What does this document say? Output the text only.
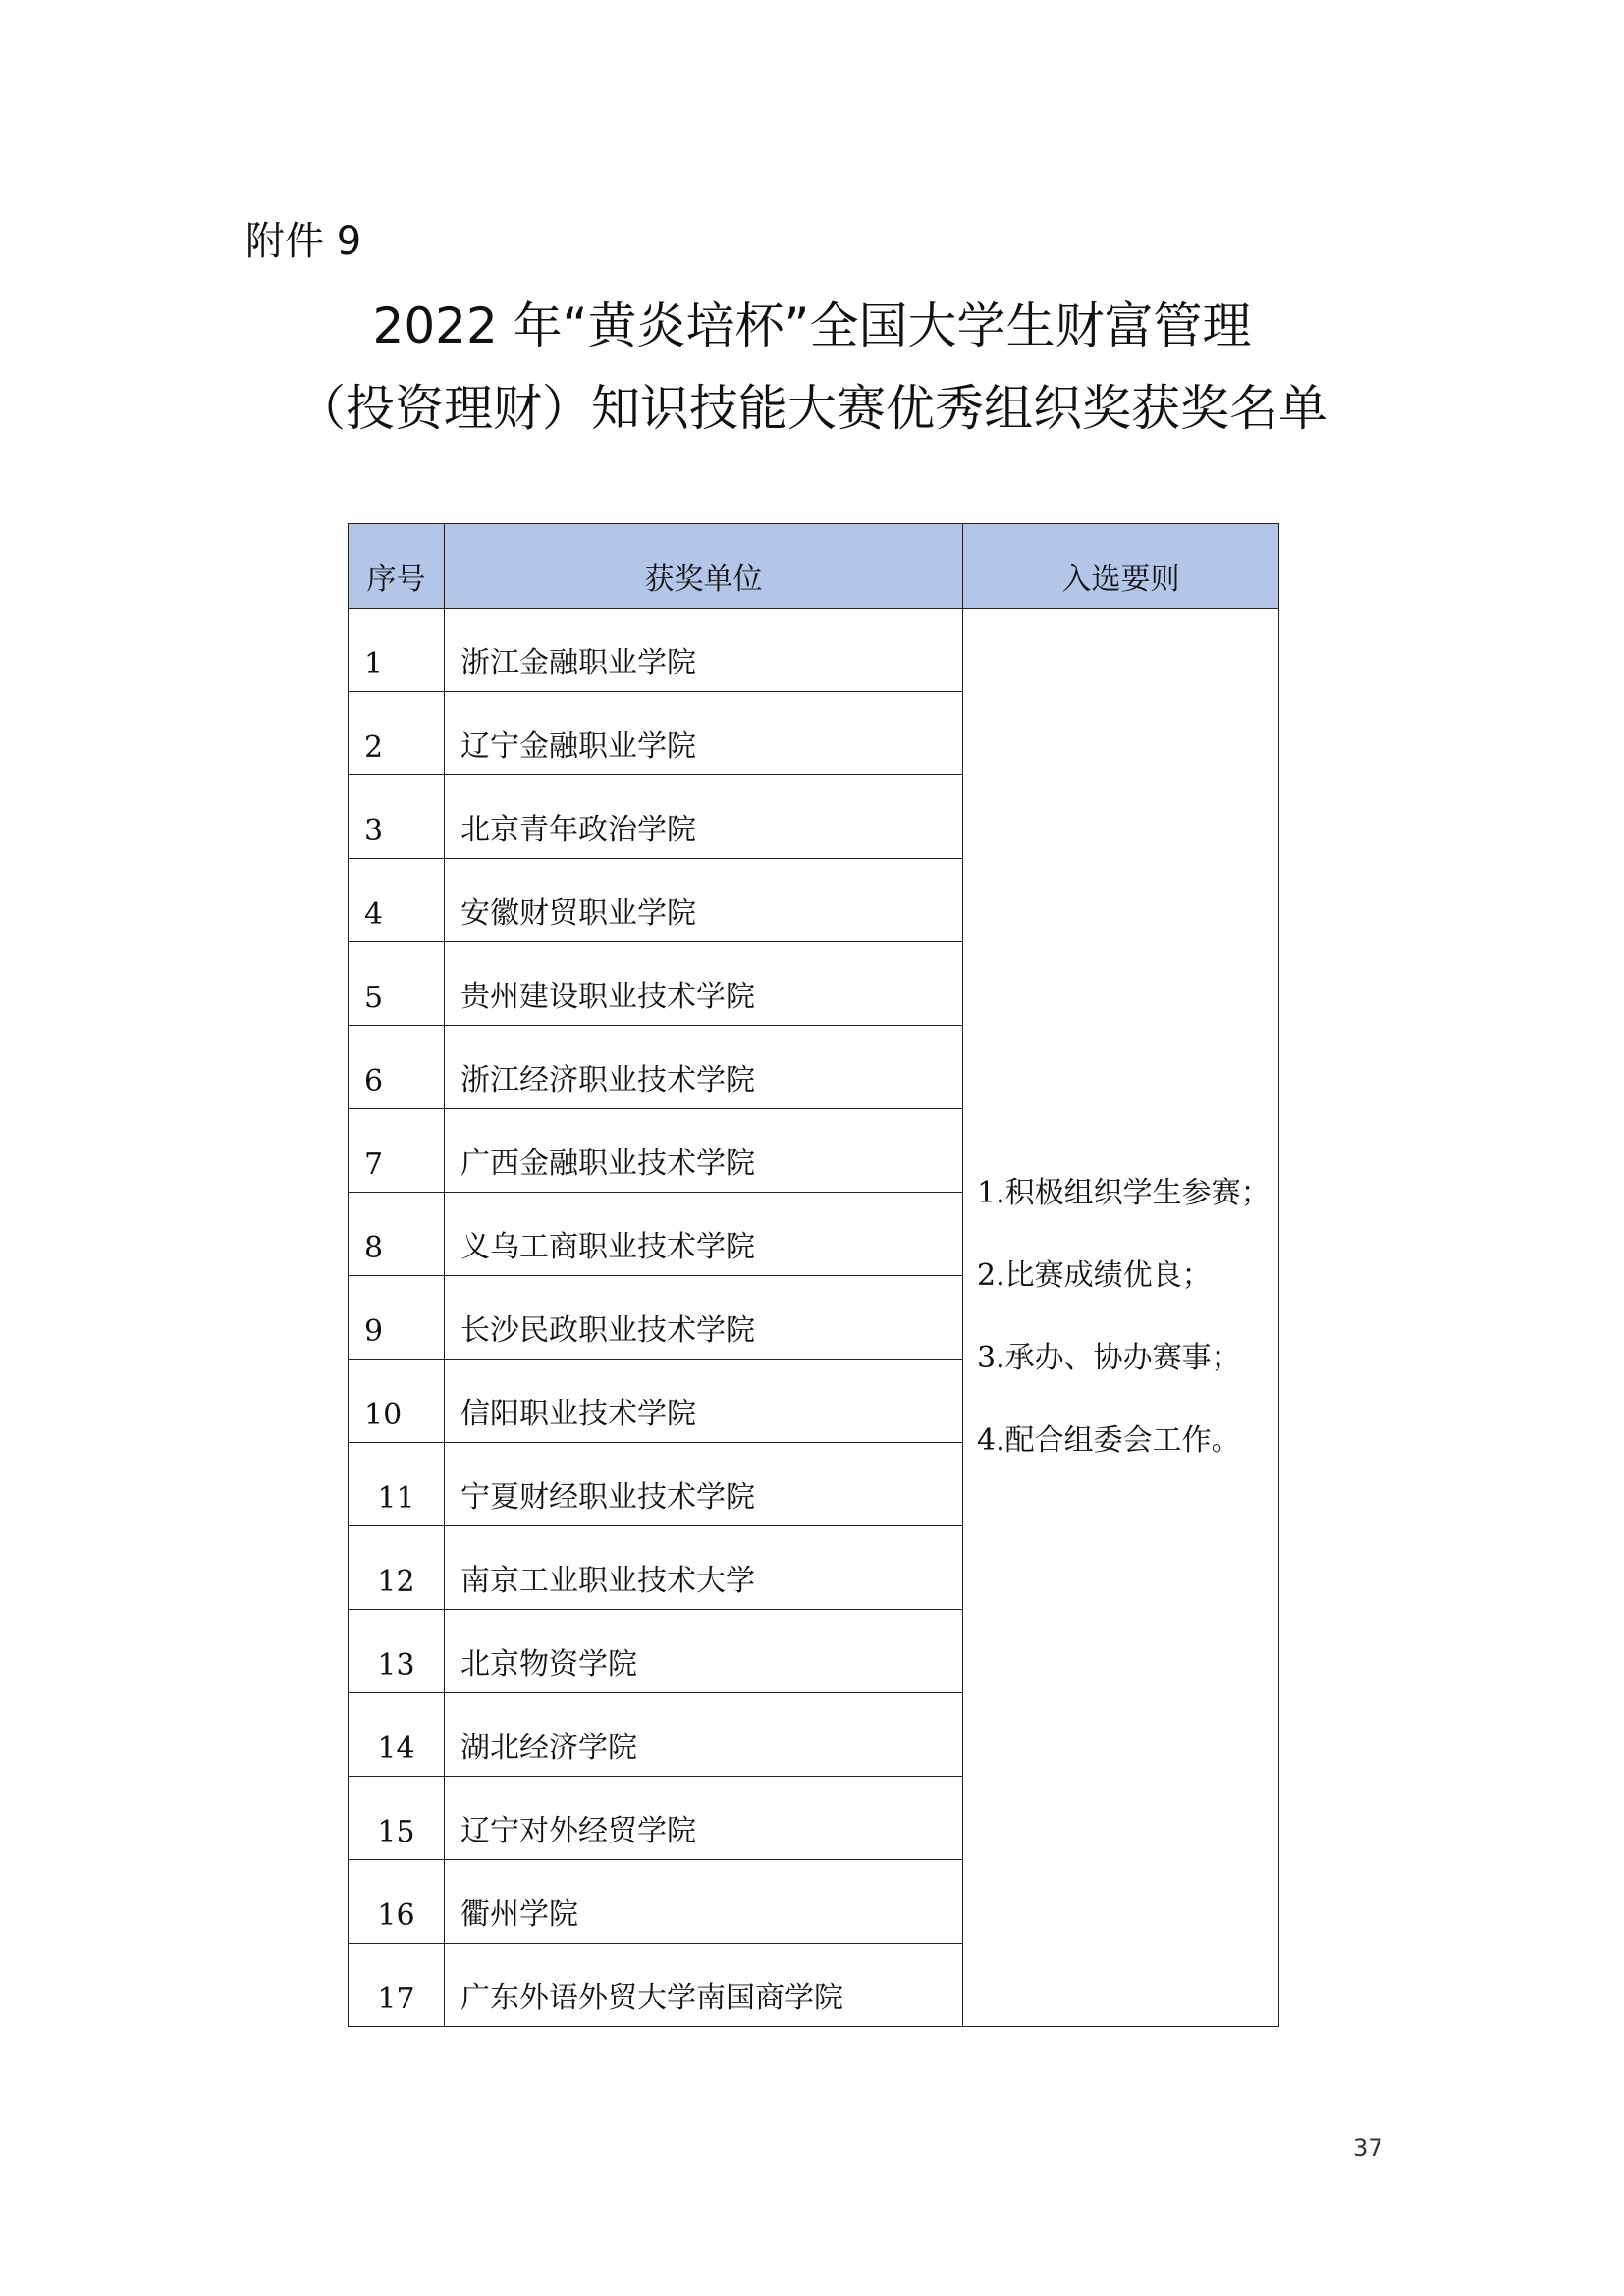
附件 9
2022 年“黄炎培杯”全国大学生财富管理
（投资理财）知识技能大赛优秀组织奖获奖名单
序号	获奖单位	入选要则
1	浙江金融职业学院	1.积极组织学生参赛；
2.比赛成绩优良；
3.承办、协办赛事；
4.配合组委会工作。

2	辽宁金融职业学院	
3	北京青年政治学院	
4	安徽财贸职业学院	
5	贵州建设职业技术学院	
6	浙江经济职业技术学院	
7	广西金融职业技术学院	
8	义乌工商职业技术学院	
9	长沙民政职业技术学院	
10	信阳职业技术学院	
11	宁夏财经职业技术学院	
12	南京工业职业技术大学	
13	北京物资学院	
14	湖北经济学院	
15	辽宁对外经贸学院	
16	衢州学院	
17	广东外语外贸大学南国商学院	
37
